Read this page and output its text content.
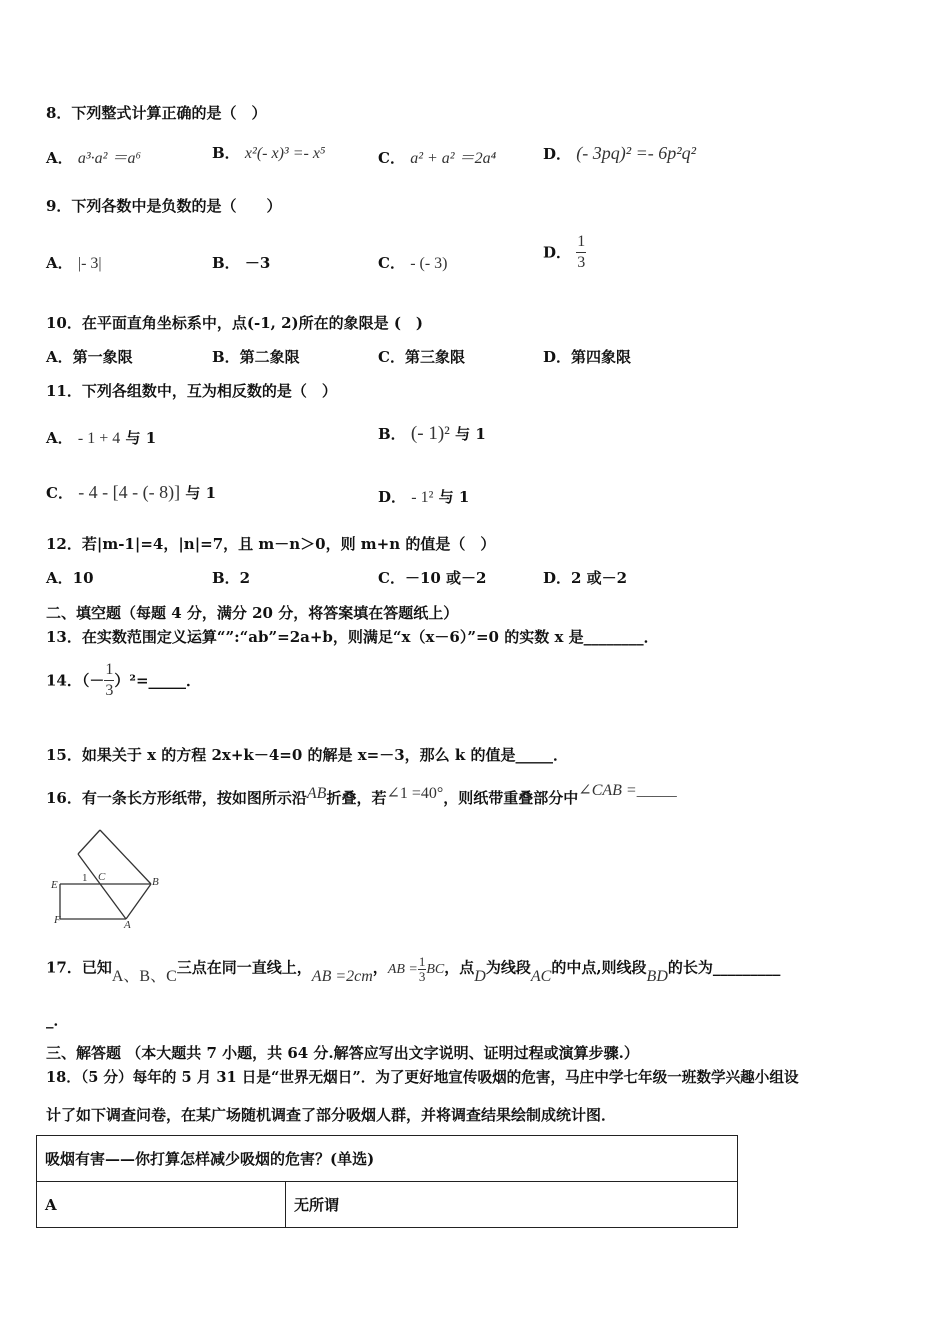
8．下列整式计算正确的是（　）
A． a³·a² ＝a⁶	B． x²(- x)³ =- x⁵	C． a² + a² ＝2a⁴	D． (- 3pq)² =- 6p²q²
9．下列各数中是负数的是（　　）
A． |- 3|	B． －3	C． - (- 3)
D． $\frac{1}{3}$
10．在平面直角坐标系中，点(-1, 2)所在的象限是 (　)
A．第一象限	B．第二象限	C．第三象限	D．第四象限
11．下列各组数中，互为相反数的是（　）
A． - 1 + 4 与 1	B． (- 1)² 与 1
C． - 4 - [4 - (- 8)] 与 1	D． - 1² 与 1
12．若|m-1|=4，|n|=7，且 m－n＞0，则 m+n 的值是（　）
A．10	B．2	C．－10 或－2	D．2 或－2
二、填空题（每题 4 分，满分 20 分，将答案填在答题纸上）
13．在实数范围定义运算“”:“ab”=2a+b，则满足“x（x－6）”=0 的实数 x 是________．
14．（－ $\frac{1}{3}$ ）²=_____．
15．如果关于 x 的方程 2x+k－4=0 的解是 x=－3，那么 k 的值是_____．
16．有一条长方形纸带，按如图所示沿AB折叠，若∠1 =40°，则纸带重叠部分中∠CAB =_____
E
F	A
B
C
1
17．已知A、B、C三点在同一直线上，AB =2cm，AB = $\frac{1}{3}$ BC，点D为线段AC的中点,则线段BD的长为_________
_．
三、解答题 （本大题共 7 小题，共 64 分.解答应写出文字说明、证明过程或演算步骤.）
18．（5 分）每年的 5 月 31 日是“世界无烟日”．为了更好地宣传吸烟的危害，马庄中学七年级一班数学兴趣小组设
计了如下调查问卷，在某广场随机调查了部分吸烟人群，并将调查结果绘制成统计图．
吸烟有害——你打算怎样减少吸烟的危害？(单选)
A	无所谓
